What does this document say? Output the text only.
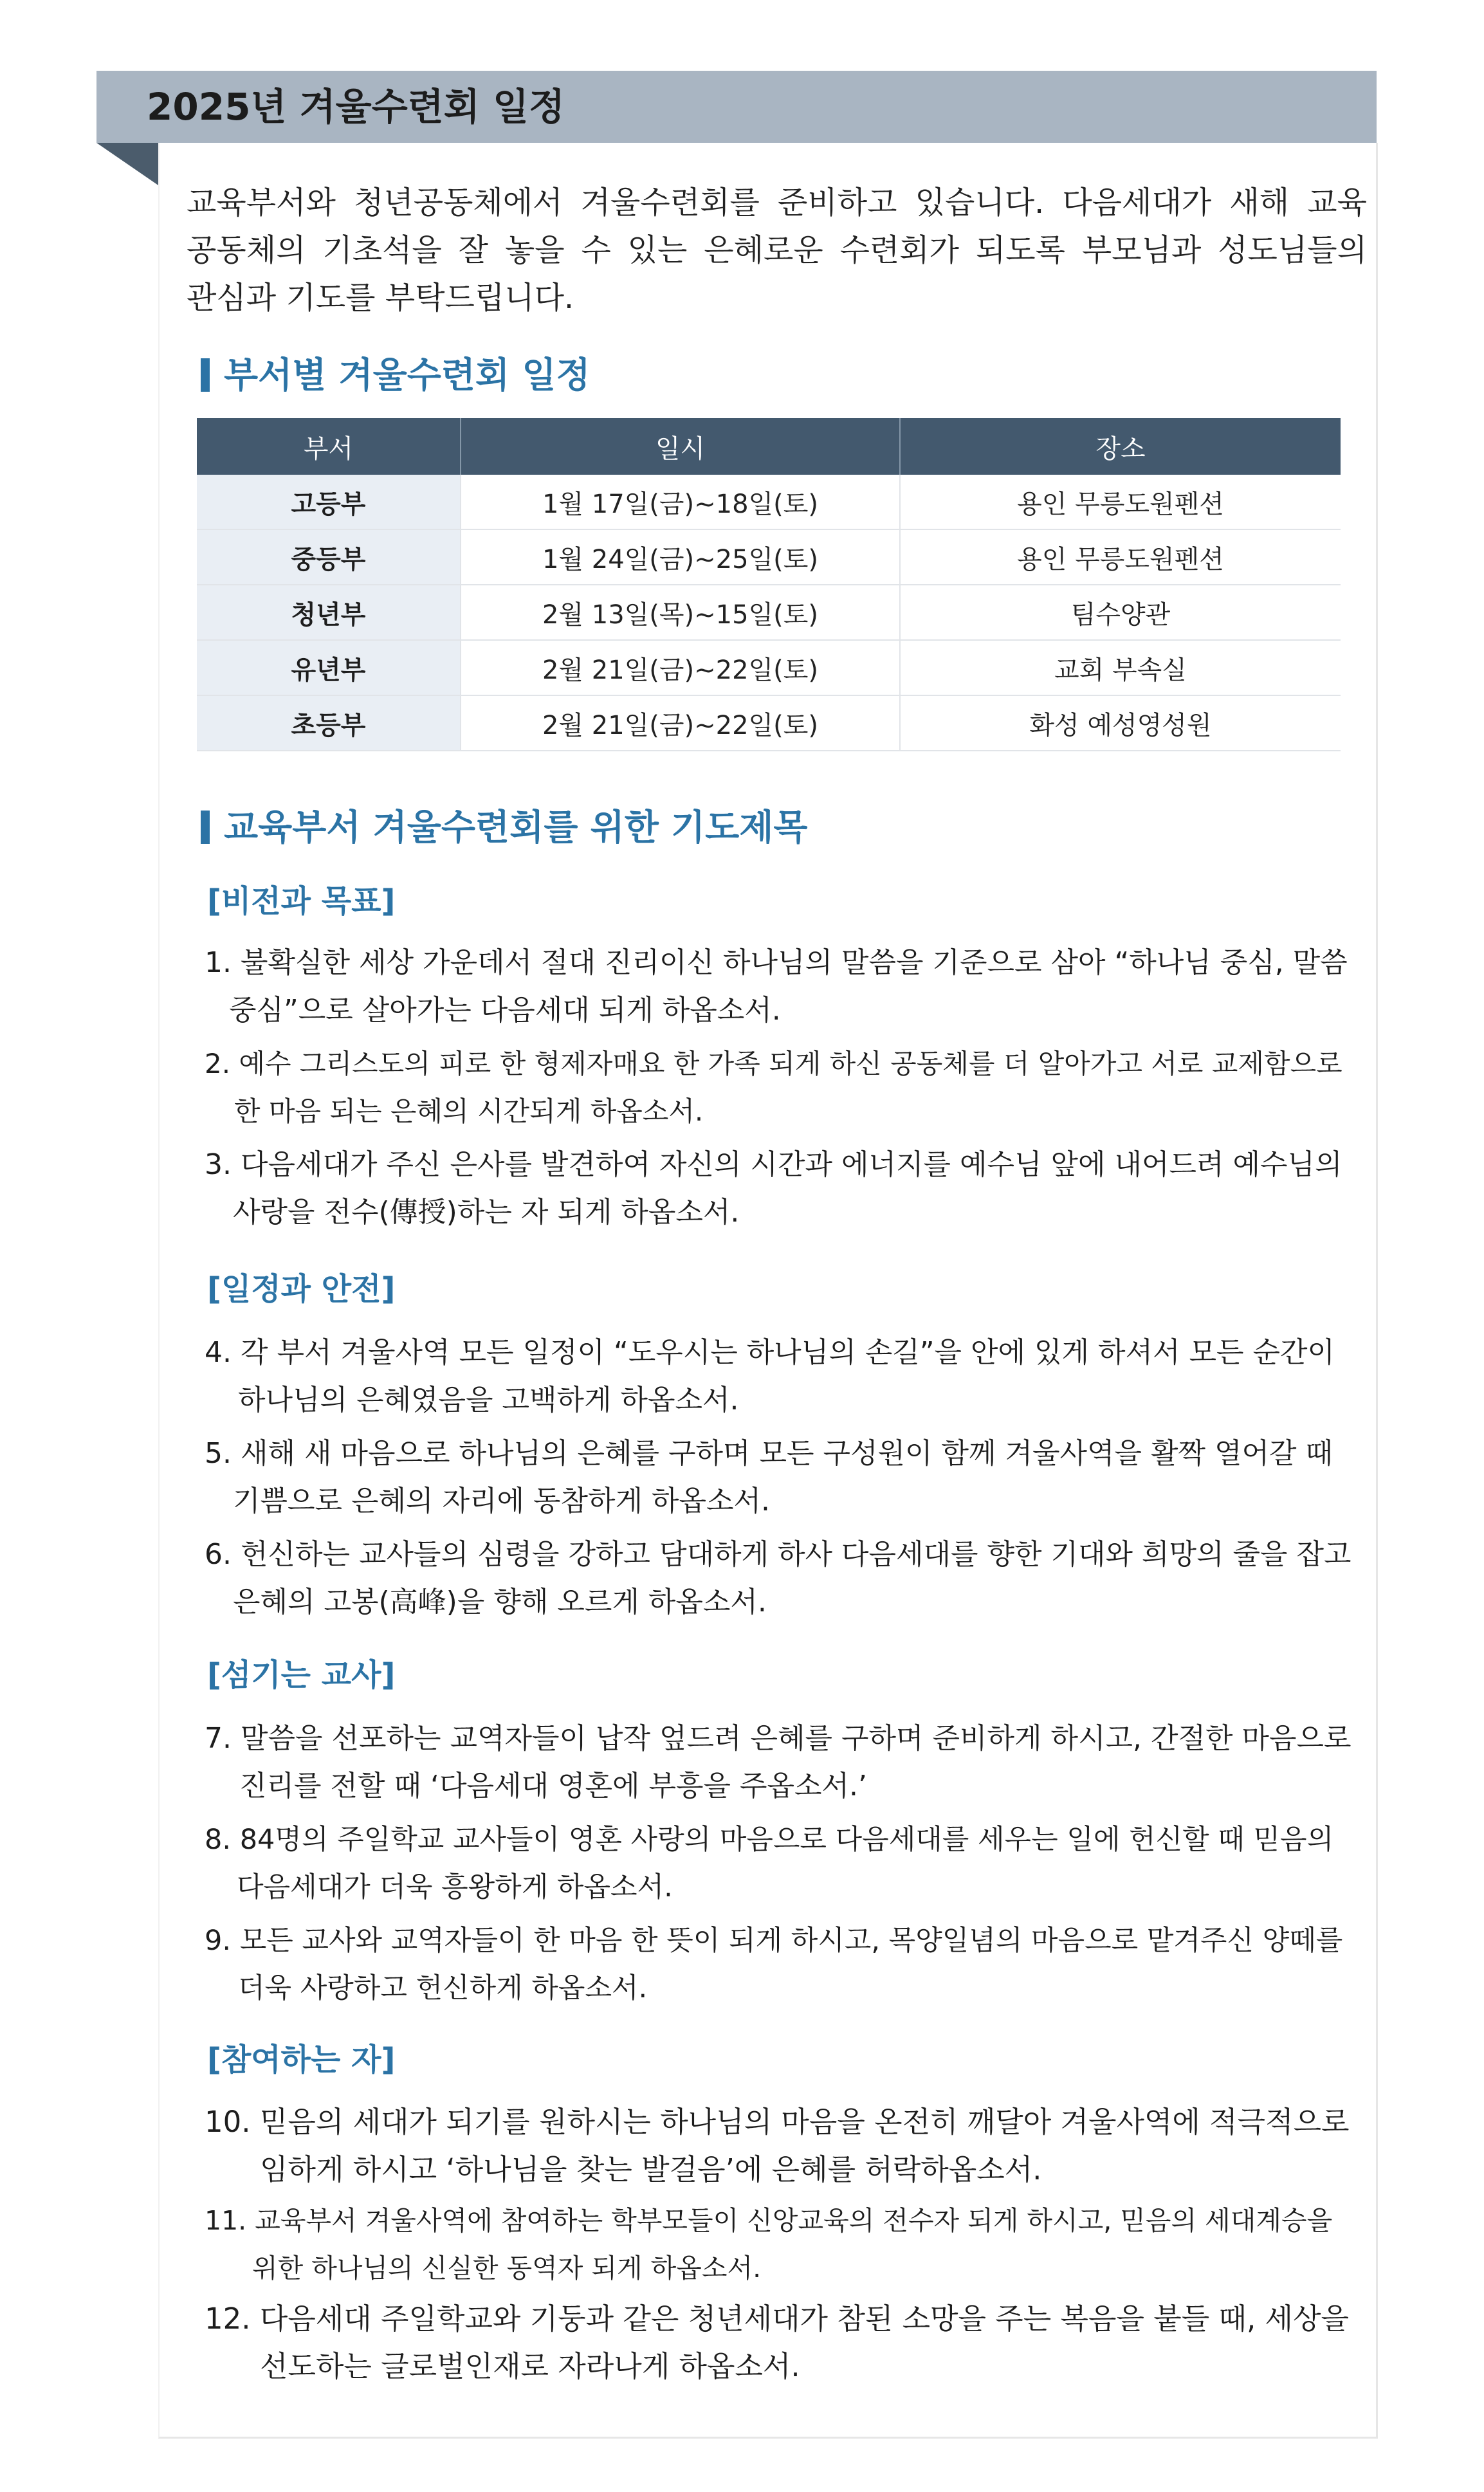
2025년 겨울수련회 일정
교육부서와 청년공동체에서 겨울수련회를 준비하고 있습니다. 다음세대가 새해 교육
공동체의 기초석을 잘 놓을 수 있는 은혜로운 수련회가 되도록 부모님과 성도님들의
관심과 기도를 부탁드립니다.
부서별 겨울수련회 일정
부서	일시	장소
고등부	1월 17일(금)~18일(토)	용인 무릉도원펜션
중등부	1월 24일(금)~25일(토)	용인 무릉도원펜션
청년부	2월 13일(목)~15일(토)	팀수양관
유년부	2월 21일(금)~22일(토)	교회 부속실
초등부	2월 21일(금)~22일(토)	화성 예성영성원
교육부서 겨울수련회를 위한 기도제목
[비전과 목표]
1. 불확실한 세상 가운데서 절대 진리이신 하나님의 말씀을 기준으로 삼아 “하나님 중심, 말씀
중심”으로 살아가는 다음세대 되게 하옵소서.
2. 예수 그리스도의 피로 한 형제자매요 한 가족 되게 하신 공동체를 더 알아가고 서로 교제함으로
한 마음 되는 은혜의 시간되게 하옵소서.
3. 다음세대가 주신 은사를 발견하여 자신의 시간과 에너지를 예수님 앞에 내어드려 예수님의
사랑을 전수(傳授)하는 자 되게 하옵소서.
[일정과 안전]
4. 각 부서 겨울사역 모든 일정이 “도우시는 하나님의 손길”을 안에 있게 하셔서 모든 순간이
하나님의 은혜였음을 고백하게 하옵소서.
5. 새해 새 마음으로 하나님의 은혜를 구하며 모든 구성원이 함께 겨울사역을 활짝 열어갈 때
기쁨으로 은혜의 자리에 동참하게 하옵소서.
6. 헌신하는 교사들의 심령을 강하고 담대하게 하사 다음세대를 향한 기대와 희망의 줄을 잡고
은혜의 고봉(高峰)을 향해 오르게 하옵소서.
[섬기는 교사]
7. 말씀을 선포하는 교역자들이 납작 엎드려 은혜를 구하며 준비하게 하시고, 간절한 마음으로
진리를 전할 때 ‘다음세대 영혼에 부흥을 주옵소서.’
8. 84명의 주일학교 교사들이 영혼 사랑의 마음으로 다음세대를 세우는 일에 헌신할 때 믿음의
다음세대가 더욱 흥왕하게 하옵소서.
9. 모든 교사와 교역자들이 한 마음 한 뜻이 되게 하시고, 목양일념의 마음으로 맡겨주신 양떼를
더욱 사랑하고 헌신하게 하옵소서.
[참여하는 자]
10. 믿음의 세대가 되기를 원하시는 하나님의 마음을 온전히 깨달아 겨울사역에 적극적으로
임하게 하시고 ‘하나님을 찾는 발걸음’에 은혜를 허락하옵소서.
11. 교육부서 겨울사역에 참여하는 학부모들이 신앙교육의 전수자 되게 하시고, 믿음의 세대계승을
위한 하나님의 신실한 동역자 되게 하옵소서.
12. 다음세대 주일학교와 기둥과 같은 청년세대가 참된 소망을 주는 복음을 붙들 때, 세상을
선도하는 글로벌인재로 자라나게 하옵소서.
